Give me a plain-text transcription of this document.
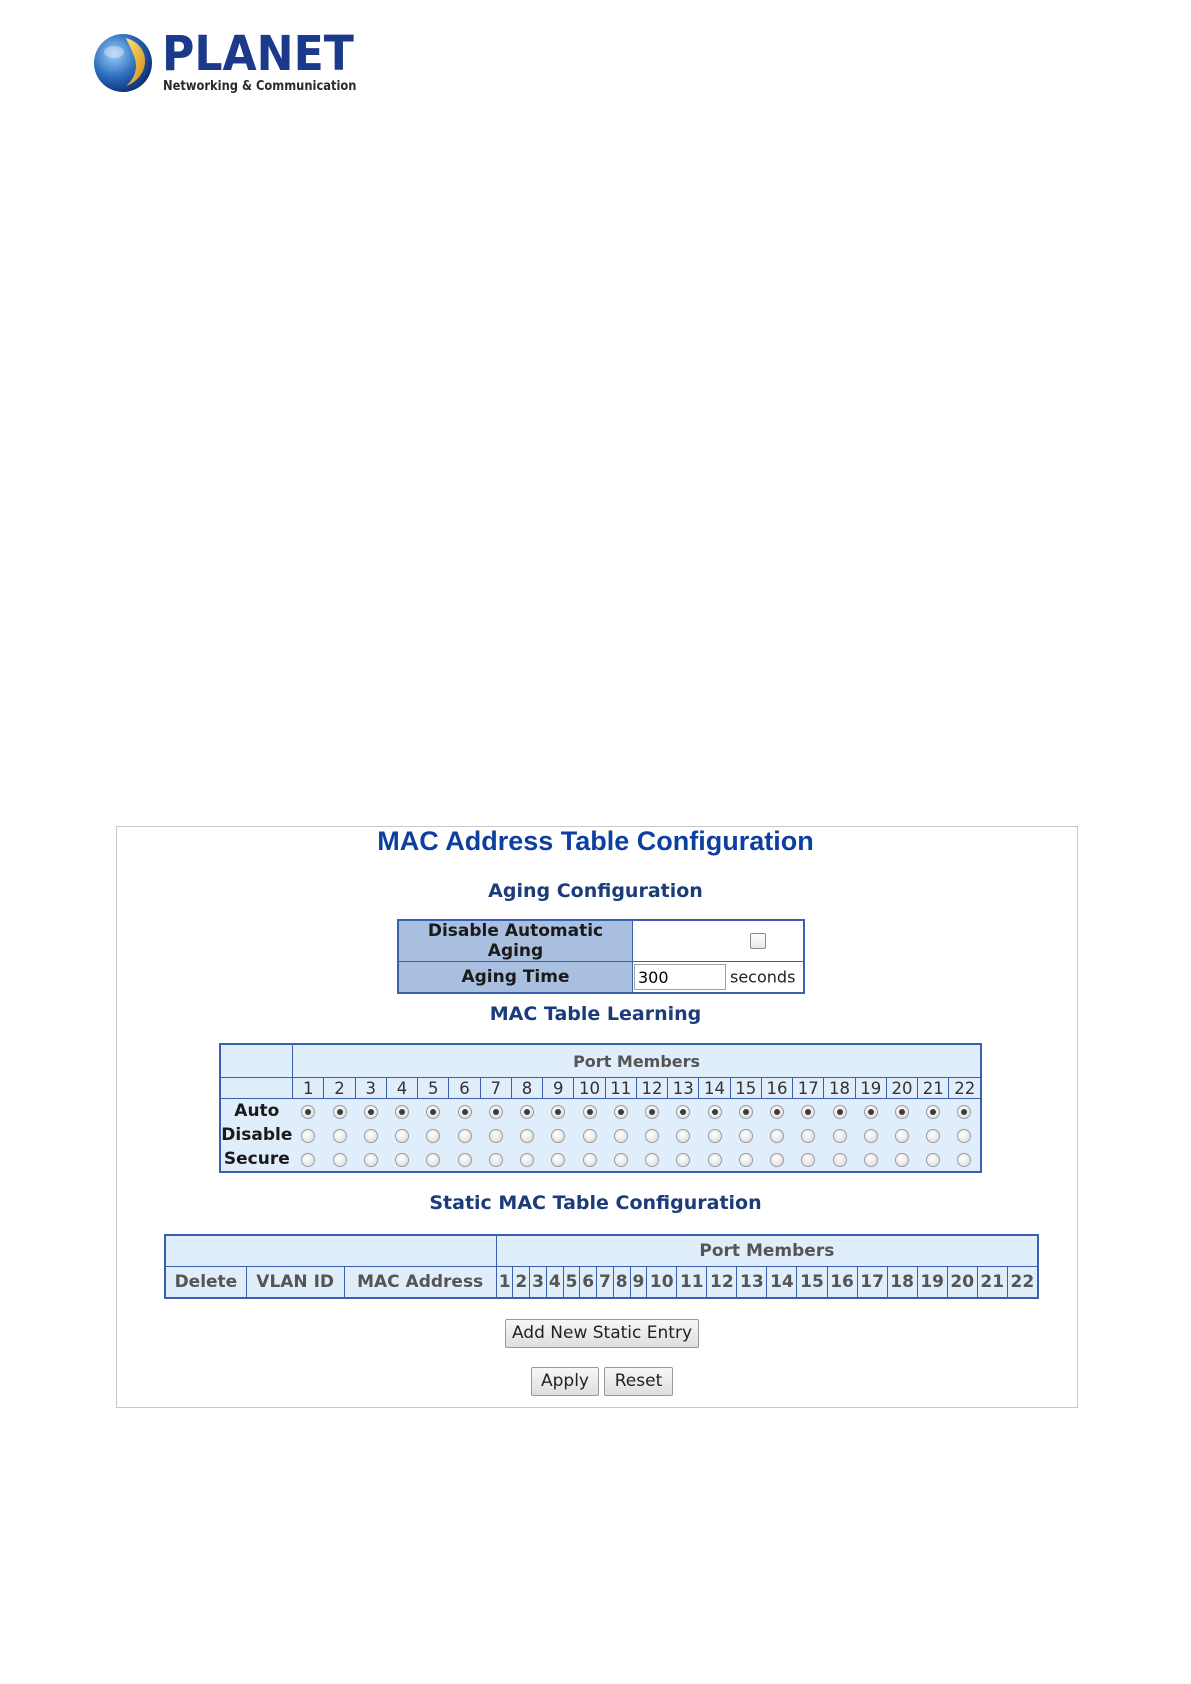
PLANET
Networking & Communication
MAC Address Table Configuration
Aging Configuration
Disable Automatic Aging	
Aging Time	300seconds
MAC Table Learning
	Port Members																					
	1	2	3	4	5	6	7	8	9	10	11	12	13	14	15	16	17	18	19	20	21	22
Auto																						
Disable																						
Secure																						
Static MAC Table Configuration
			Port Members																					
Delete	VLAN ID	MAC Address	1	2	3	4	5	6	7	8	9	10	11	12	13	14	15	16	17	18	19	20	21	22
Add New Static Entry
Apply	Reset
